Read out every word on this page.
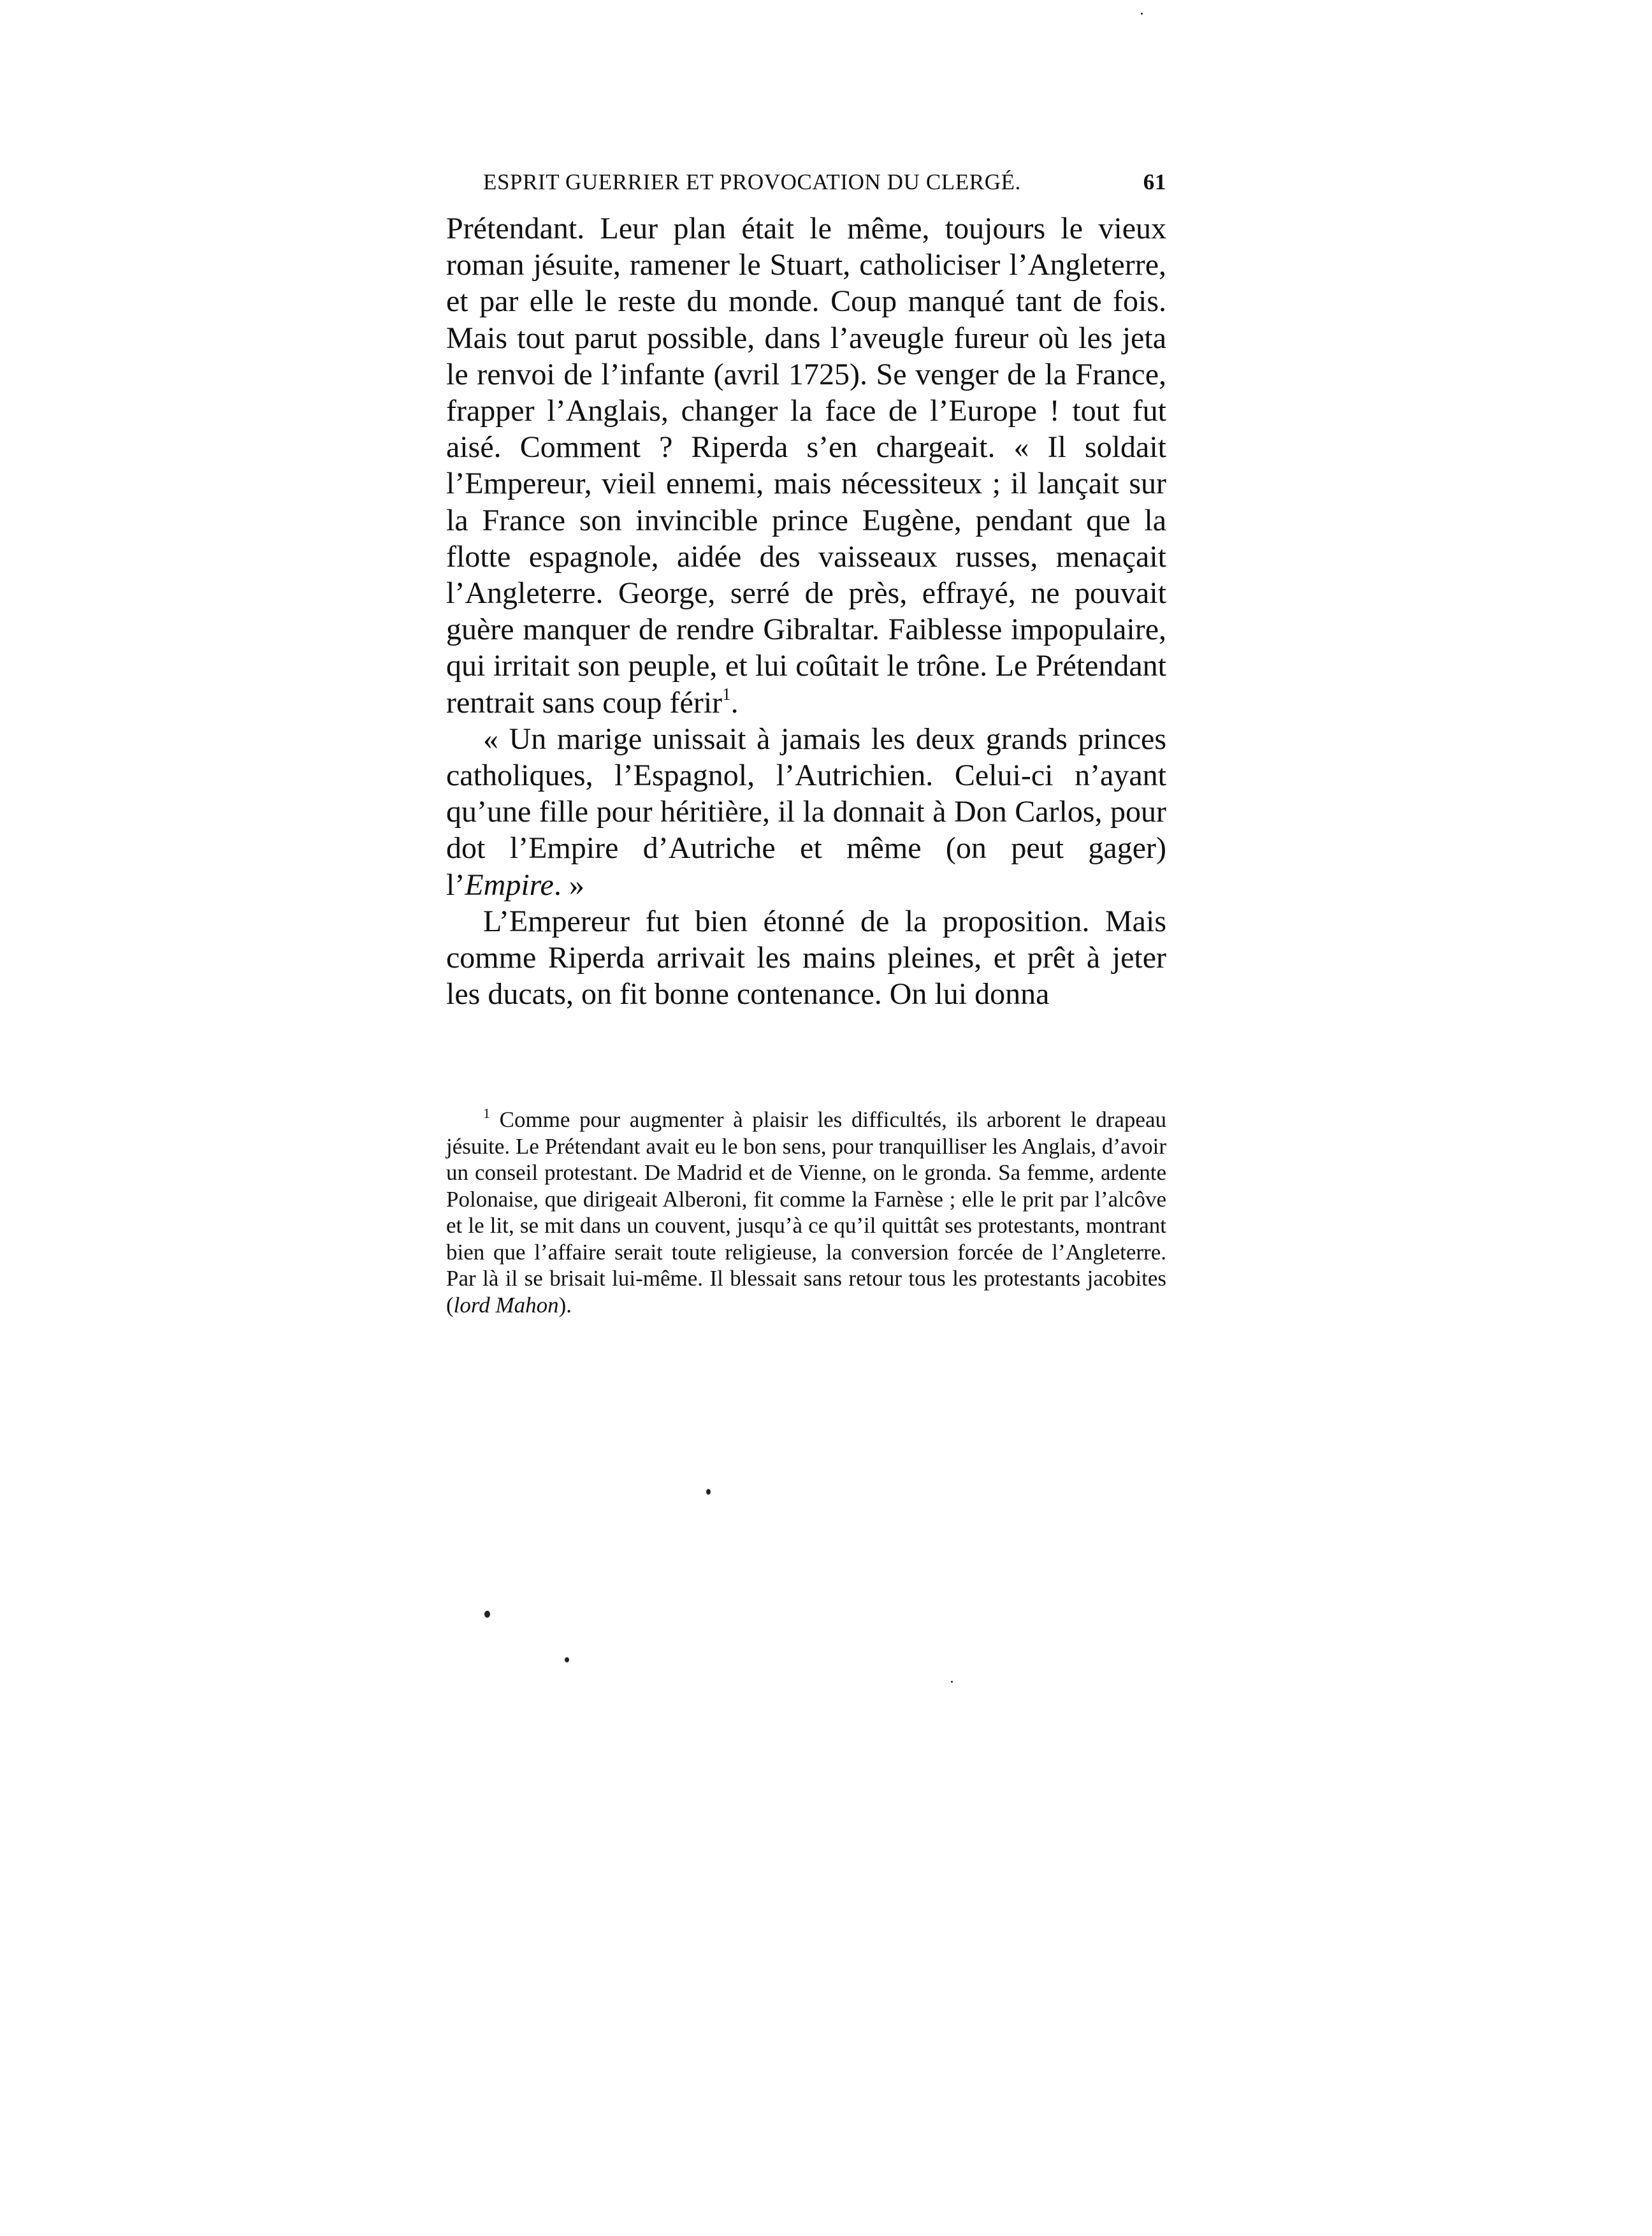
ESPRIT GUERRIER ET PROVOCATION DU CLERGÉ.	61

Prétendant. Leur plan était le même, toujours le vieux roman jésuite, ramener le Stuart, catholiciser l’Angleterre, et par elle le reste du monde. Coup manqué tant de fois. Mais tout parut possible, dans l’aveugle fureur où les jeta le renvoi de l’infante (avril 1725). Se venger de la France, frapper l’Anglais, changer la face de l’Europe ! tout fut aisé. Comment ? Riperda s’en chargeait. « Il soldait l’Empereur, vieil ennemi, mais nécessiteux ; il lançait sur la France son invincible prince Eugène, pendant que la flotte espagnole, aidée des vaisseaux russes, menaçait l’Angleterre. George, serré de près, effrayé, ne pouvait guère manquer de rendre Gibraltar. Faiblesse impopulaire, qui irritait son peuple, et lui coûtait le trône. Le Prétendant rentrait sans coup férir$^1$.

« Un marige unissait à jamais les deux grands princes catholiques, l’Espagnol, l’Autrichien. Celui-ci n’ayant qu’une fille pour héritière, il la donnait à Don Carlos, pour dot l’Empire d’Autriche et même (on peut gager) l’Empire. »

L’Empereur fut bien étonné de la proposition. Mais comme Riperda arrivait les mains pleines, et prêt à jeter les ducats, on fit bonne contenance. On lui donna

$^1$ Comme pour augmenter à plaisir les difficultés, ils arborent le drapeau jésuite. Le Prétendant avait eu le bon sens, pour tranquilliser les Anglais, d’avoir un conseil protestant. De Madrid et de Vienne, on le gronda. Sa femme, ardente Polonaise, que dirigeait Alberoni, fit comme la Farnèse ; elle le prit par l’alcôve et le lit, se mit dans un couvent, jusqu’à ce qu’il quittât ses protestants, montrant bien que l’affaire serait toute religieuse, la conversion forcée de l’Angleterre. Par là il se brisait lui-même. Il blessait sans retour tous les protestants jacobites (lord Mahon).
